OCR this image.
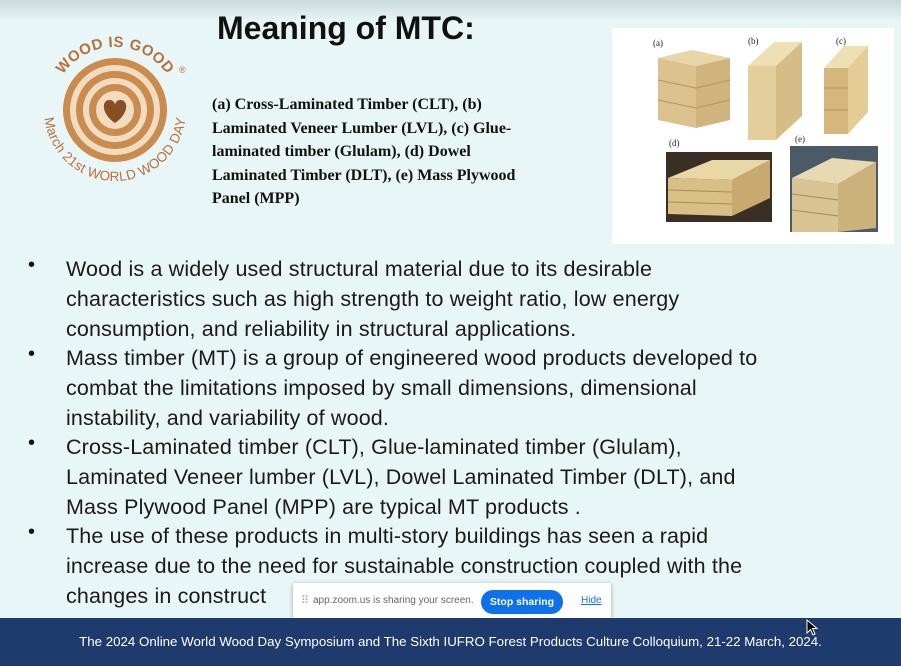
Meaning of MTC:
WOOD IS GOOD ®
March 21st WORLD WOOD DAY
(a) Cross-Laminated Timber (CLT), (b)
Laminated Veneer Lumber (LVL), (c) Glue-
laminated timber (Glulam), (d) Dowel
Laminated Timber (DLT), (e) Mass Plywood
Panel (MPP)
(a)	(b)	(c)
(d)	(e)
• Wood is a widely used structural material due to its desirable
characteristics such as high strength to weight ratio, low energy
consumption, and reliability in structural applications.
• Mass timber (MT) is a group of engineered wood products developed to
combat the limitations imposed by small dimensions, dimensional
instability, and variability of wood.
• Cross-Laminated timber (CLT), Glue-laminated timber (Glulam),
Laminated Veneer lumber (LVL), Dowel Laminated Timber (DLT), and
Mass Plywood Panel (MPP) are typical MT products .
• The use of these products in multi-story buildings has seen a rapid
increase due to the need for sustainable construction coupled with the
changes in construct	⠿ app.zoom.us is sharing your screen.	Stop sharing	Hide
The 2024 Online World Wood Day Symposium and The Sixth IUFRO Forest Products Culture Colloquium, 21-22 March, 2024.
